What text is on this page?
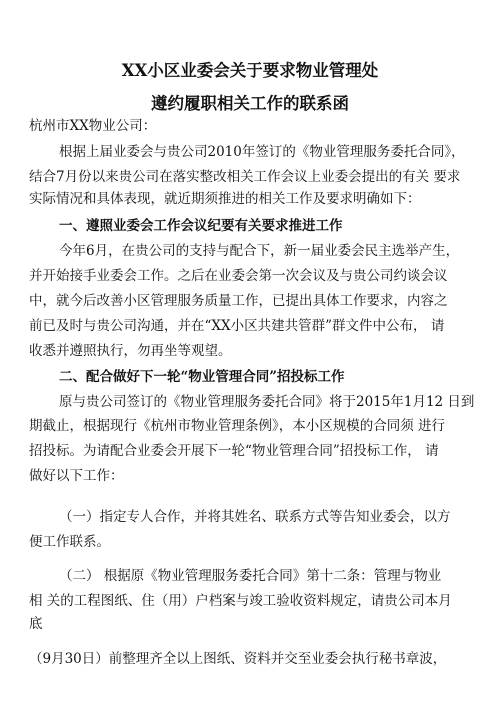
XX小区业委会关于要求物业管理处
遵约履职相关工作的联系函
杭州市XX物业公司：
根据上届业委会与贵公司2010年签订的《物业管理服务委托合同》，
结合7月份以来贵公司在落实整改相关工作会议上业委会提出的有关 要求
实际情况和具体表现，就近期须推进的相关工作及要求明确如下：
一、遵照业委会工作会议纪要有关要求推进工作
今年6月，在贵公司的支持与配合下，新一届业委会民主选举产生，
并开始接手业委会工作。之后在业委会第一次会议及与贵公司约谈会议
中，就今后改善小区管理服务质量工作，已提出具体工作要求，内容之
前已及时与贵公司沟通，并在“XX小区共建共管群”群文件中公布， 请
收悉并遵照执行，勿再坐等观望。
二、配合做好下一轮“物业管理合同”招投标工作
原与贵公司签订的《物业管理服务委托合同》将于2015年1月12 日到
期截止，根据现行《杭州市物业管理条例》，本小区规模的合同须 进行
招投标。为请配合业委会开展下一轮“物业管理合同”招投标工作， 请
做好以下工作：
（一）指定专人合作，并将其姓名、联系方式等告知业委会，以方
便工作联系。
（二） 根据原《物业管理服务委托合同》第十二条：管理与物业
相 关的工程图纸、住（用）户档案与竣工验收资料规定，请贵公司本月
底
（9月30日）前整理齐全以上图纸、资料并交至业委会执行秘书章波，
